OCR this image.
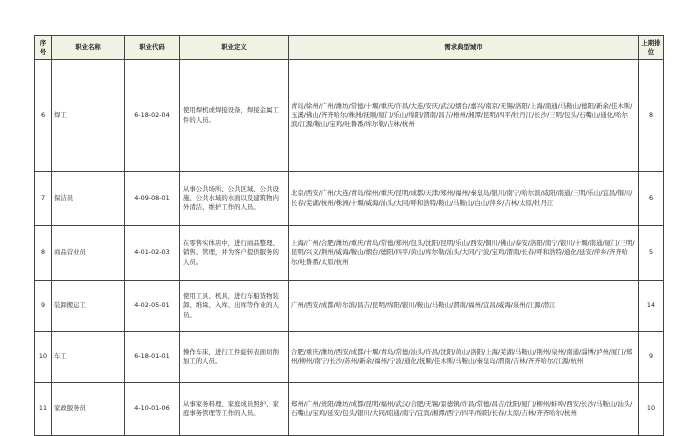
序号	职业名称	职业代码	职业定义	需求典型城市	上期排位
6	焊工	6-18-02-04	使用焊机或焊接设备，焊接金属工件的人员。	青岛/徐州/广州/潍坊/常德/十堰/重庆/许昌/大连/安庆/武汉/烟台/嘉兴/南京/无锡/洛阳/上海/南通/马鞍山/德阳/新余/佳木斯/玉溪/佛山/齐齐哈尔/株洲/抚顺/厦门/乐山/绵阳/渭南/昌吉/梧州/湘潭/昆明/四平/牡丹江/长沙/三明/包头/石嘴山/通化/哈尔滨/江源/鞍山/宝鸡/吐鲁番/库尔勒/吉林/杭州	8
7	保洁员	4-09-08-01	从事公共场所、公共区域、公共设施、公共水域的水面以及建筑物内外清洁、维护工作的人员。	北京/西安/广州/大连/青岛/徐州/重庆/昆明/成都/天津/郑州/福州/秦皇岛/银川/南宁/哈尔滨/咸阳/南通/三明/乐山/宜昌/铜川/长春/芜湖/杭州/株洲/十堰/威海/汕头/大同/呼和浩特/鞍山/马鞍山/白山/萍乡/吉林/太原/牡丹江	6
8	商品营业员	4-01-02-03	在零售实体店中，进行商品整理、销售、管理，并为客户提供服务的人员。	上海/广州/合肥/潍坊/重庆/青岛/常德/郑州/包头/沈阳/昆明/乐山/西安/铜川/佛山/泰安/洛阳/南宁/银川/十堰/南通/厦门/三明/昆明/兴义/荆州/威海/鞍山/烟台/德阳/四平/黄山/库尔勒/汕头/大同/宁波/宝鸡/渭南/长春/呼和浩特/通化/延安/萍乡/齐齐哈尔/吐鲁番/太原/杭州	5
9	装卸搬运工	4-02-05-01	使用工具、机具，进行车船货物装卸、堆垛、入库、出库等作业的人员。	广州/西安/成都/哈尔滨/昌吉/昆明/绵阳/银川/鞍山/马鞍山/渭南/福州/宜昌/威海/泉州/江源/潜江	14
10	车工	6-18-01-01	操作车床，进行工件旋转表面切削加工的人员。	合肥/重庆/潍坊/西安/成都/十堰/青岛/常德/汕头/许昌/沈阳/黄山/洛阳/上海/芜湖/马鞍山/荆州/泉州/南通/淄博/泸州/厦门/郑州/柳州/南宁/长沙/苏州/新余/福州/宁波/通化/抚顺/佳木斯/马鞍山/秦皇岛/渭南/吉林/齐齐哈尔/江源/杭州	9
11	家政服务员	4-10-01-06	从事家务料理、家庭成员照护、家庭事务管理等工作的人员。	郑州/广州/贵阳/潍坊/成都/昆明/福州/武汉/合肥/无锡/景德镇/许昌/常德/昌吉/沈阳/厦门/柳州/蚌埠/西安/长沙/马鞍山/汕头/石嘴山/宝鸡/延安/包头/银川/大同/昭通/南宁/宜宾/湘潭/西宁/四平/绵阳/长春/太原/吉林/齐齐哈尔/杭州	10
